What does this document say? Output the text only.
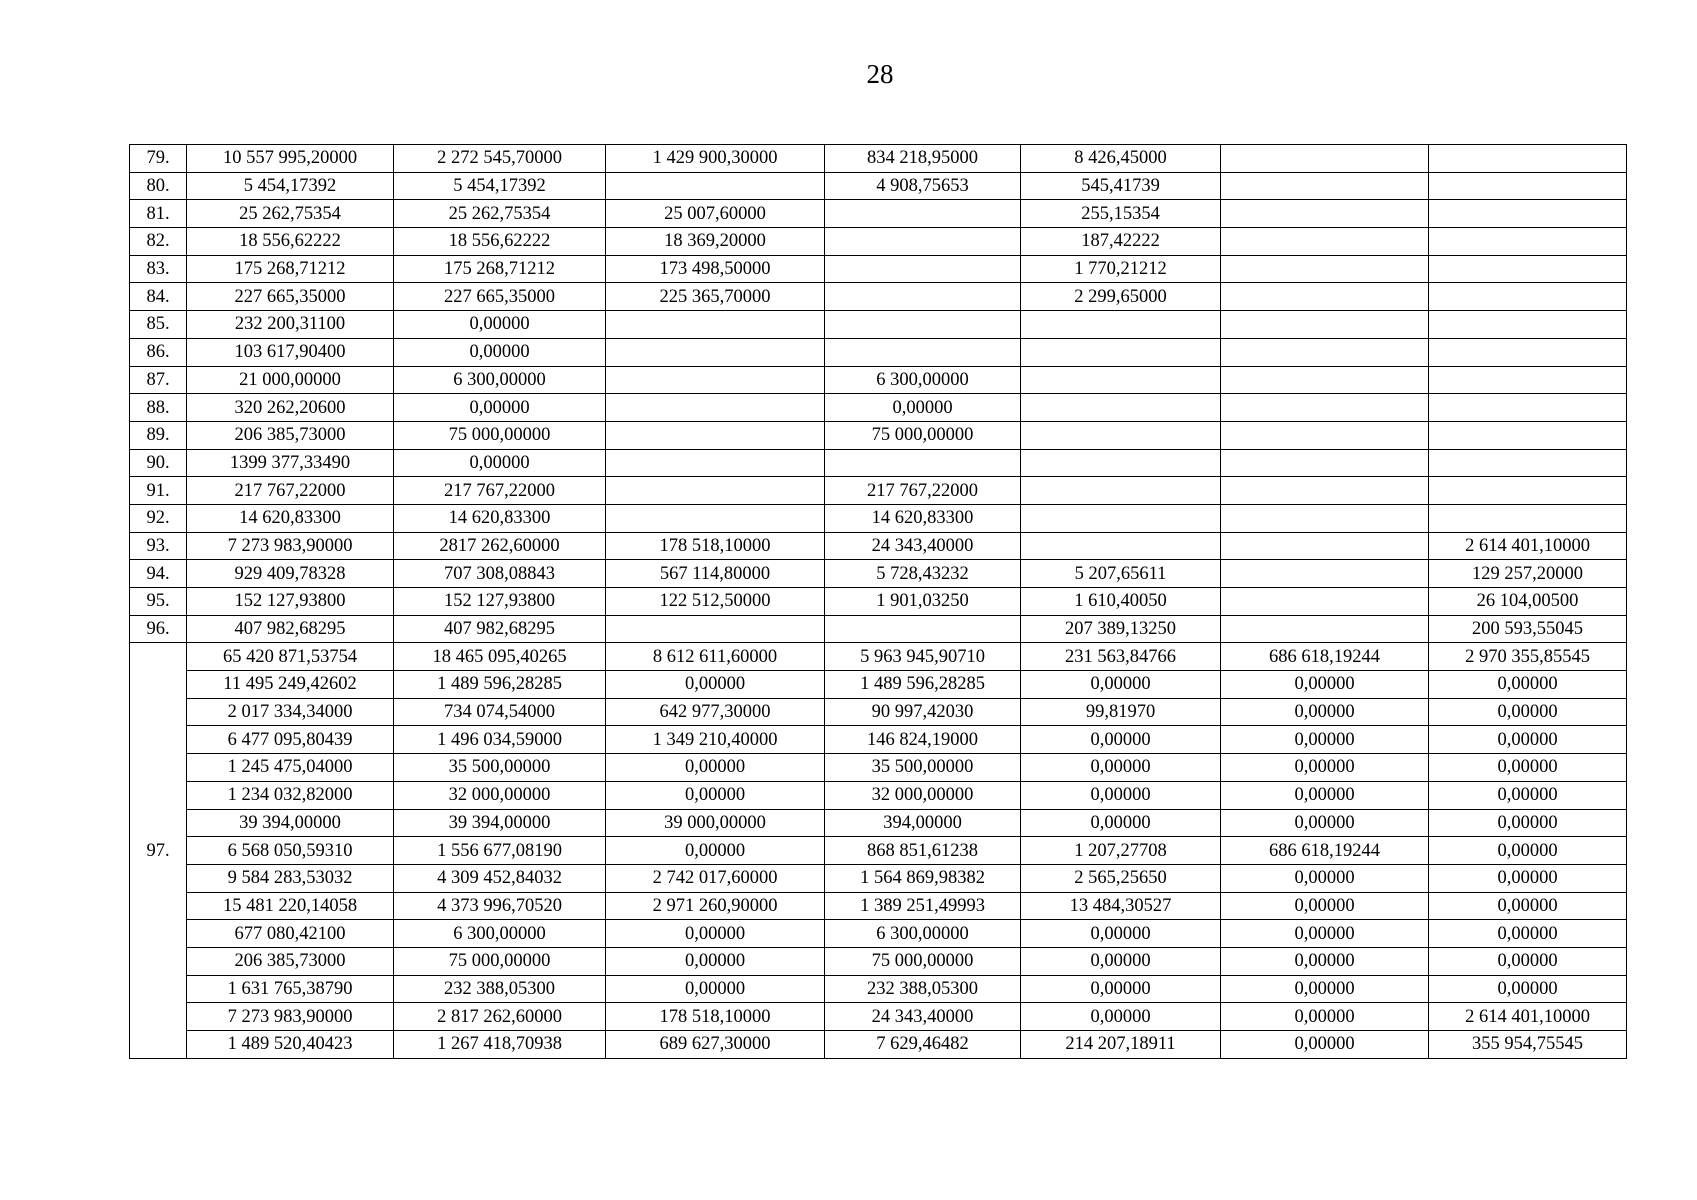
28
79.	10 557 995,20000	2 272 545,70000	1 429 900,30000	834 218,95000	8 426,45000		
80.	5 454,17392	5 454,17392		4 908,75653	545,41739		
81.	25 262,75354	25 262,75354	25 007,60000		255,15354		
82.	18 556,62222	18 556,62222	18 369,20000		187,42222		
83.	175 268,71212	175 268,71212	173 498,50000		1 770,21212		
84.	227 665,35000	227 665,35000	225 365,70000		2 299,65000		
85.	232 200,31100	0,00000					
86.	103 617,90400	0,00000					
87.	21 000,00000	6 300,00000		6 300,00000			
88.	320 262,20600	0,00000		0,00000			
89.	206 385,73000	75 000,00000		75 000,00000			
90.	1399 377,33490	0,00000					
91.	217 767,22000	217 767,22000		217 767,22000			
92.	14 620,83300	14 620,83300		14 620,83300			
93.	7 273 983,90000	2817 262,60000	178 518,10000	24 343,40000			2 614 401,10000
94.	929 409,78328	707 308,08843	567 114,80000	5 728,43232	5 207,65611		129 257,20000
95.	152 127,93800	152 127,93800	122 512,50000	1 901,03250	1 610,40050		26 104,00500
96.	407 982,68295	407 982,68295			207 389,13250		200 593,55045
97.	65 420 871,53754	18 465 095,40265	8 612 611,60000	5 963 945,90710	231 563,84766	686 618,19244	2 970 355,85545
	11 495 249,42602	1 489 596,28285	0,00000	1 489 596,28285	0,00000	0,00000	0,00000
	2 017 334,34000	734 074,54000	642 977,30000	90 997,42030	99,81970	0,00000	0,00000
	6 477 095,80439	1 496 034,59000	1 349 210,40000	146 824,19000	0,00000	0,00000	0,00000
	1 245 475,04000	35 500,00000	0,00000	35 500,00000	0,00000	0,00000	0,00000
	1 234 032,82000	32 000,00000	0,00000	32 000,00000	0,00000	0,00000	0,00000
	39 394,00000	39 394,00000	39 000,00000	394,00000	0,00000	0,00000	0,00000
	6 568 050,59310	1 556 677,08190	0,00000	868 851,61238	1 207,27708	686 618,19244	0,00000
	9 584 283,53032	4 309 452,84032	2 742 017,60000	1 564 869,98382	2 565,25650	0,00000	0,00000
	15 481 220,14058	4 373 996,70520	2 971 260,90000	1 389 251,49993	13 484,30527	0,00000	0,00000
	677 080,42100	6 300,00000	0,00000	6 300,00000	0,00000	0,00000	0,00000
	206 385,73000	75 000,00000	0,00000	75 000,00000	0,00000	0,00000	0,00000
	1 631 765,38790	232 388,05300	0,00000	232 388,05300	0,00000	0,00000	0,00000
	7 273 983,90000	2 817 262,60000	178 518,10000	24 343,40000	0,00000	0,00000	2 614 401,10000
	1 489 520,40423	1 267 418,70938	689 627,30000	7 629,46482	214 207,18911	0,00000	355 954,75545
